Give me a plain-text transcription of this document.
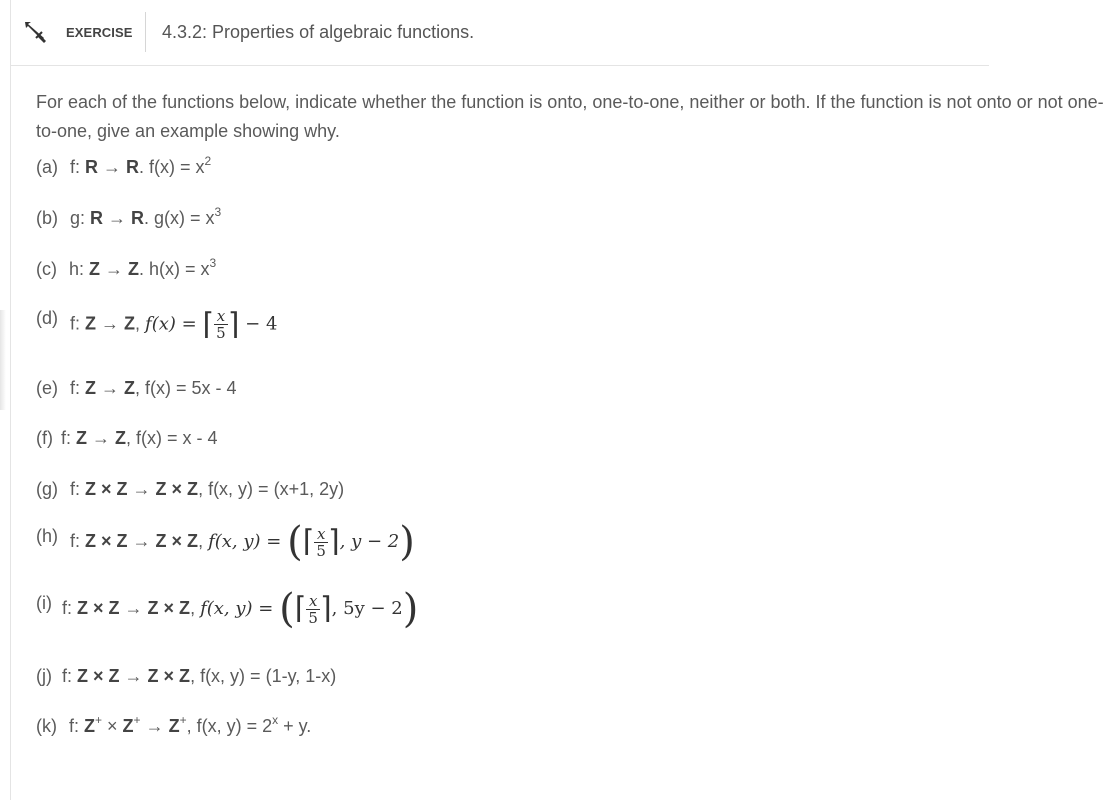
EXERCISE 4.3.2: Properties of algebraic functions.
For each of the functions below, indicate whether the function is onto, one-to-one, neither or both. If the function is not onto or not one-
to-one, give an example showing why.
(a) f: R → R. $f(x) = x^2$
(b) g: R → R. $g(x) = x^3$
(c) h: Z → Z. $h(x) = x^3$
(d) f: Z → Z, f(x) = ⌈ $\frac{x}{5}$ ⌉ − 4
(e) f: Z → Z, f(x) = 5x - 4
(f) f: Z → Z, f(x) = x - 4
(g) f: Z × Z → Z × Z, f(x, y) = (x+1, 2y)
(h) f: Z × Z → Z × Z, f(x, y) = (⌈ $\frac{x}{5}$ ⌉, y − 2)
(i) f: Z × Z → Z × Z, f(x, y) = (⌈ $\frac{x}{5}$ ⌉, 5y − 2)
(j) f: Z × Z → Z × Z, f(x, y) = (1-y, 1-x)
(k) f: Z+ × Z+ → Z+, f(x, $y) = 2^x + y$.
